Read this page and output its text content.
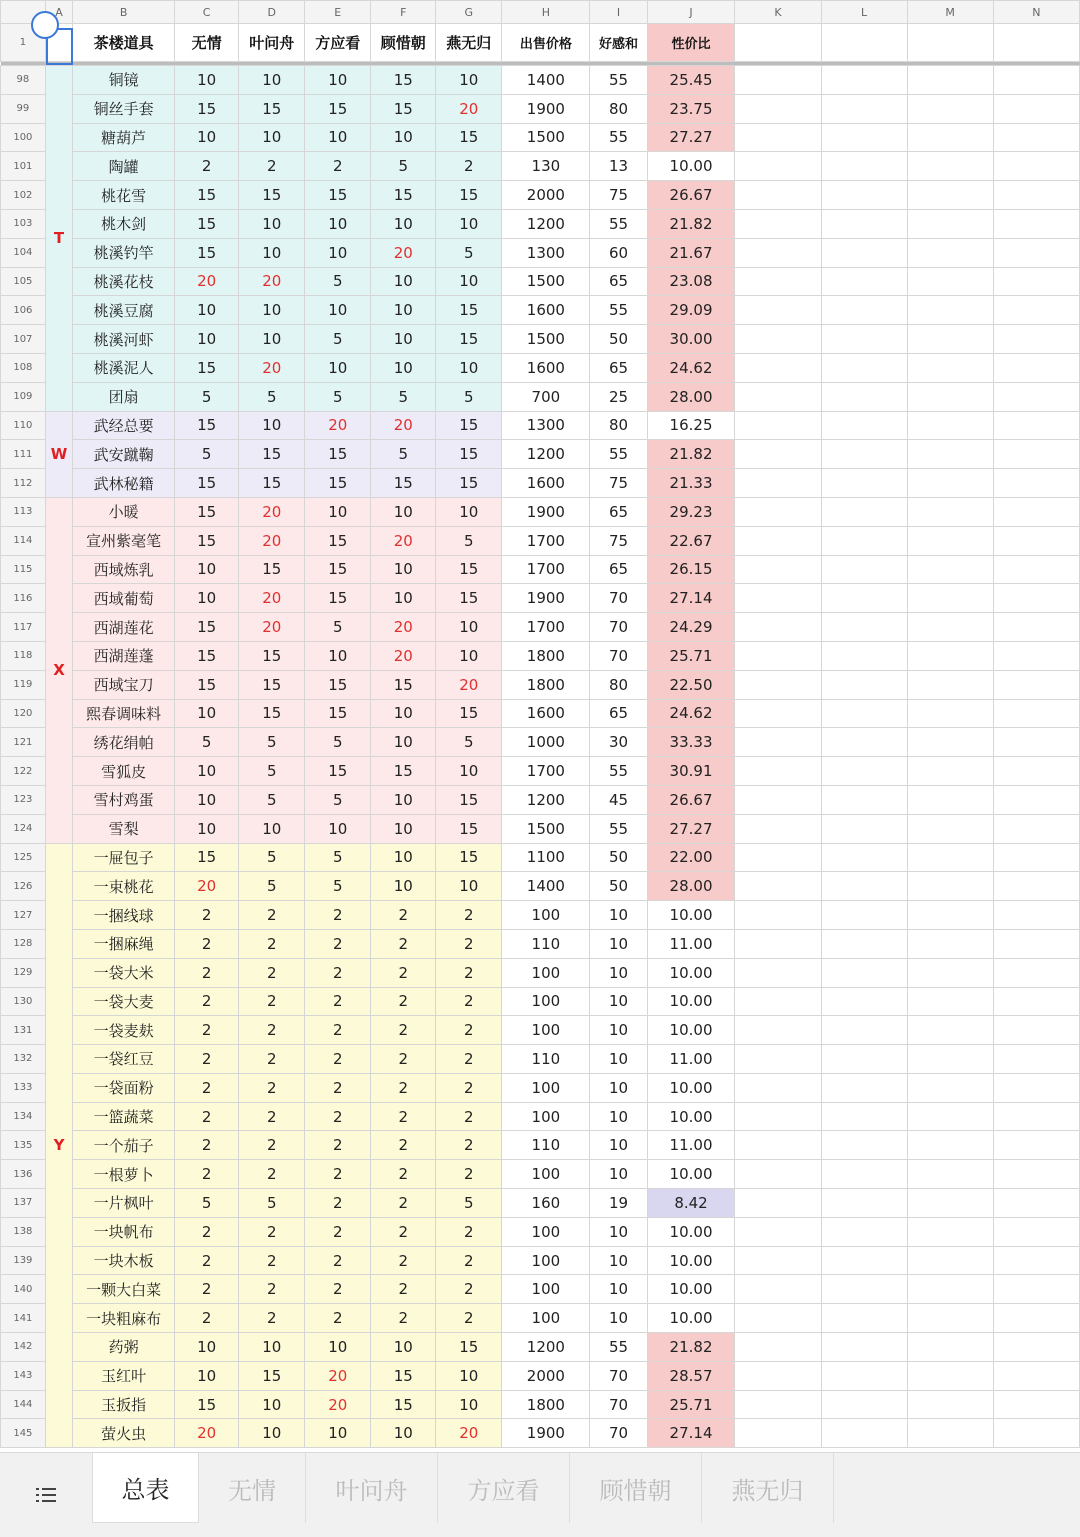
	A	B	C	D	E	F	G	H	I	J	K	L	M	N
1		茶楼道具	无情	叶问舟	方应看	顾惜朝	燕无归	出售价格	好感和	性价比				

98	T	铜镜	10	10	10	15	10	1400	55	25.45				
99		铜丝手套	15	15	15	15	20	1900	80	23.75				
100		糖葫芦	10	10	10	10	15	1500	55	27.27				
101		陶罐	2	2	2	5	2	130	13	10.00				
102		桃花雪	15	15	15	15	15	2000	75	26.67				
103		桃木剑	15	10	10	10	10	1200	55	21.82				
104		桃溪钓竿	15	10	10	20	5	1300	60	21.67				
105		桃溪花枝	20	20	5	10	10	1500	65	23.08				
106		桃溪豆腐	10	10	10	10	15	1600	55	29.09				
107		桃溪河虾	10	10	5	10	15	1500	50	30.00				
108		桃溪泥人	15	20	10	10	10	1600	65	24.62				
109		团扇	5	5	5	5	5	700	25	28.00				
110	W	武经总要	15	10	20	20	15	1300	80	16.25				
111		武安蹴鞠	5	15	15	5	15	1200	55	21.82				
112		武林秘籍	15	15	15	15	15	1600	75	21.33				
113	X	小暖	15	20	10	10	10	1900	65	29.23				
114		宣州紫毫笔	15	20	15	20	5	1700	75	22.67				
115		西域炼乳	10	15	15	10	15	1700	65	26.15				
116		西域葡萄	10	20	15	10	15	1900	70	27.14				
117		西湖莲花	15	20	5	20	10	1700	70	24.29				
118		西湖莲蓬	15	15	10	20	10	1800	70	25.71				
119		西域宝刀	15	15	15	15	20	1800	80	22.50				
120		熙春调味料	10	15	15	10	15	1600	65	24.62				
121		绣花绢帕	5	5	5	10	5	1000	30	33.33				
122		雪狐皮	10	5	15	15	10	1700	55	30.91				
123		雪村鸡蛋	10	5	5	10	15	1200	45	26.67				
124		雪梨	10	10	10	10	15	1500	55	27.27				
125	Y	一屉包子	15	5	5	10	15	1100	50	22.00				
126		一束桃花	20	5	5	10	10	1400	50	28.00				
127		一捆线球	2	2	2	2	2	100	10	10.00				
128		一捆麻绳	2	2	2	2	2	110	10	11.00				
129		一袋大米	2	2	2	2	2	100	10	10.00				
130		一袋大麦	2	2	2	2	2	100	10	10.00				
131		一袋麦麸	2	2	2	2	2	100	10	10.00				
132		一袋红豆	2	2	2	2	2	110	10	11.00				
133		一袋面粉	2	2	2	2	2	100	10	10.00				
134		一篮蔬菜	2	2	2	2	2	100	10	10.00				
135		一个茄子	2	2	2	2	2	110	10	11.00				
136		一根萝卜	2	2	2	2	2	100	10	10.00				
137		一片枫叶	5	5	2	2	5	160	19	8.42				
138		一块帆布	2	2	2	2	2	100	10	10.00				
139		一块木板	2	2	2	2	2	100	10	10.00				
140		一颗大白菜	2	2	2	2	2	100	10	10.00				
141		一块粗麻布	2	2	2	2	2	100	10	10.00				
142		药粥	10	10	10	10	15	1200	55	21.82				
143		玉红叶	10	15	20	15	10	2000	70	28.57				
144		玉扳指	15	10	20	15	10	1800	70	25.71				
145		萤火虫	20	10	10	10	20	1900	70	27.14				
总表	无情	叶问舟	方应看	顾惜朝	燕无归
